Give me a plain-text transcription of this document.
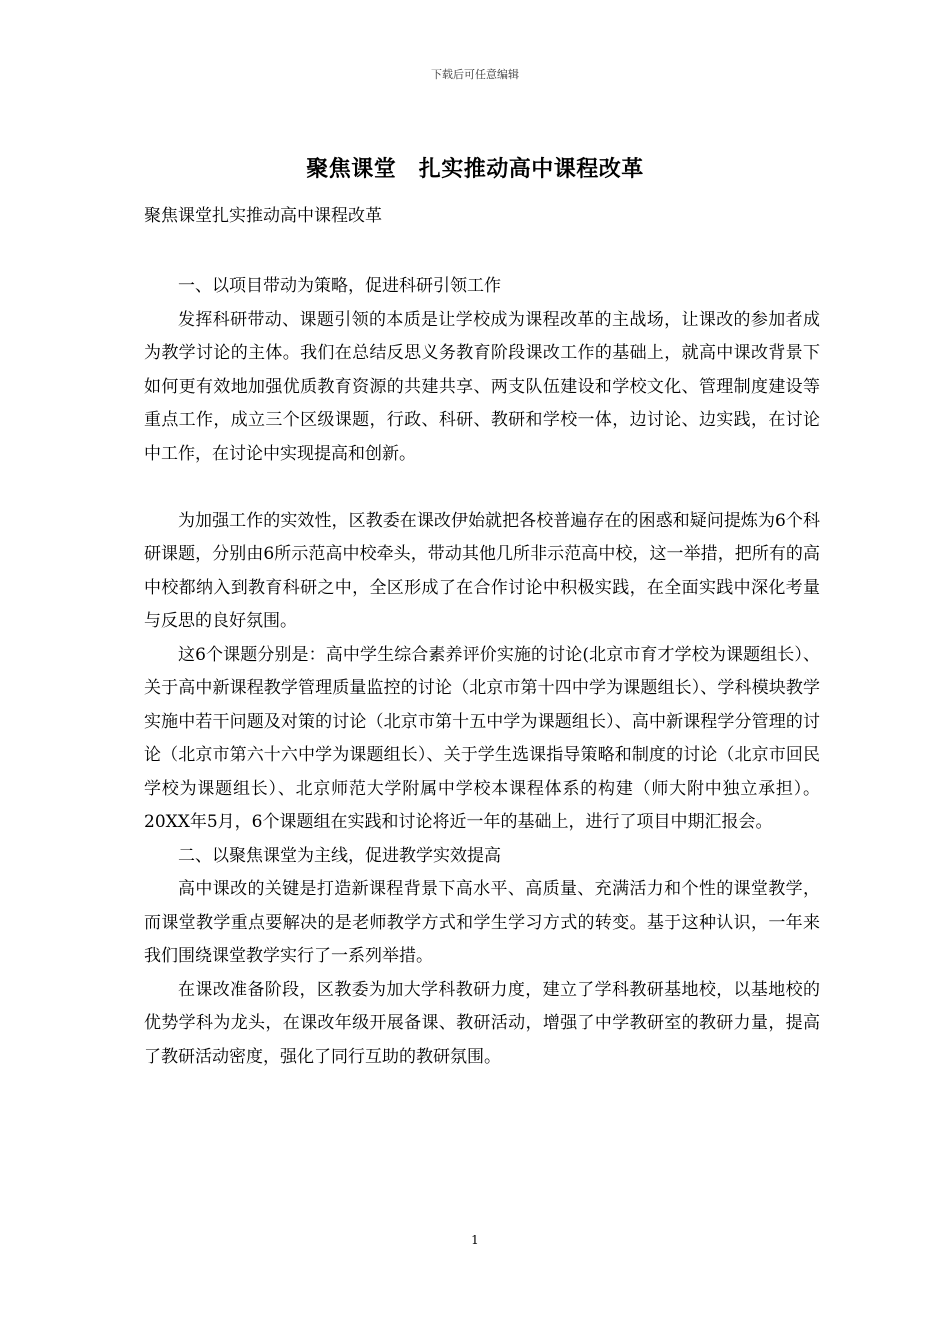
下载后可任意编辑
聚焦课堂　扎实推动高中课程改革
聚焦课堂扎实推动高中课程改革

一、以项目带动为策略，促进科研引领工作

发挥科研带动、课题引领的本质是让学校成为课程改革的主战场，让课改的参加者成为教学讨论的主体。我们在总结反思义务教育阶段课改工作的基础上，就高中课改背景下如何更有效地加强优质教育资源的共建共享、两支队伍建设和学校文化、管理制度建设等重点工作，成立三个区级课题，行政、科研、教研和学校一体，边讨论、边实践，在讨论中工作，在讨论中实现提高和创新。

为加强工作的实效性，区教委在课改伊始就把各校普遍存在的困惑和疑问提炼为6个科研课题，分别由6所示范高中校牵头，带动其他几所非示范高中校，这一举措，把所有的高中校都纳入到教育科研之中，全区形成了在合作讨论中积极实践，在全面实践中深化考量与反思的良好氛围。

这6个课题分别是：高中学生综合素养评价实施的讨论(北京市育才学校为课题组长）、关于高中新课程教学管理质量监控的讨论（北京市第十四中学为课题组长）、学科模块教学实施中若干问题及对策的讨论（北京市第十五中学为课题组长）、高中新课程学分管理的讨论（北京市第六十六中学为课题组长）、关于学生选课指导策略和制度的讨论（北京市回民学校为课题组长）、北京师范大学附属中学校本课程体系的构建（师大附中独立承担）。20XX年5月，6个课题组在实践和讨论将近一年的基础上，进行了项目中期汇报会。

二、以聚焦课堂为主线，促进教学实效提高

高中课改的关键是打造新课程背景下高水平、高质量、充满活力和个性的课堂教学，而课堂教学重点要解决的是老师教学方式和学生学习方式的转变。基于这种认识，一年来我们围绕课堂教学实行了一系列举措。

在课改准备阶段，区教委为加大学科教研力度，建立了学科教研基地校，以基地校的优势学科为龙头，在课改年级开展备课、教研活动，增强了中学教研室的教研力量，提高了教研活动密度，强化了同行互助的教研氛围。

1
